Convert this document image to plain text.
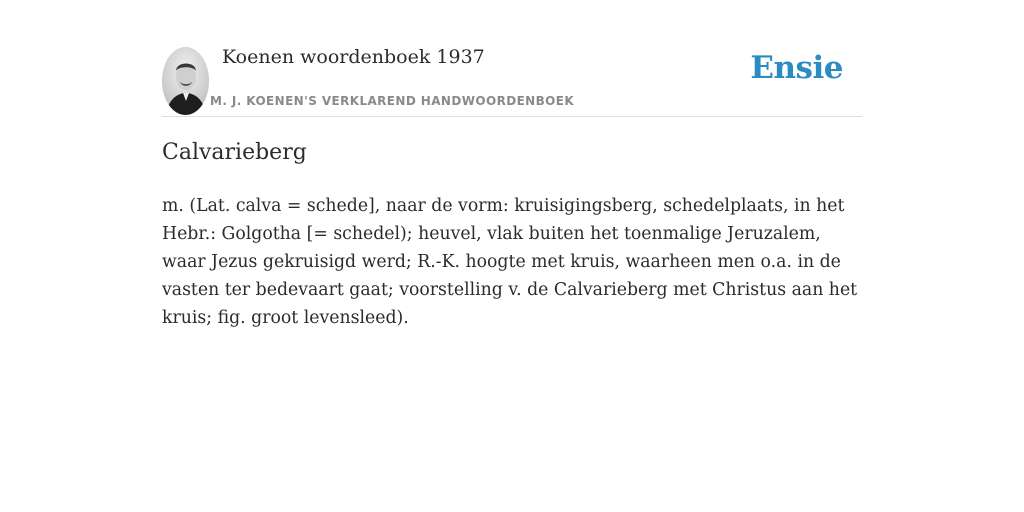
Koenen woordenboek 1937
M. J. KOENEN'S VERKLAREND HANDWOORDENBOEK
Ensie
Calvarieberg

m. (Lat. calva = schede], naar de vorm: kruisigingsberg, schedelplaats, in het Hebr.: Golgotha [= schedel); heuvel, vlak buiten het toenmalige Jeruzalem, waar Jezus gekruisigd werd; R.-K. hoogte met kruis, waarheen men o.a. in de vasten ter bedevaart gaat; voorstelling v. de Calvarieberg met Christus aan het kruis; fig. groot levensleed).
